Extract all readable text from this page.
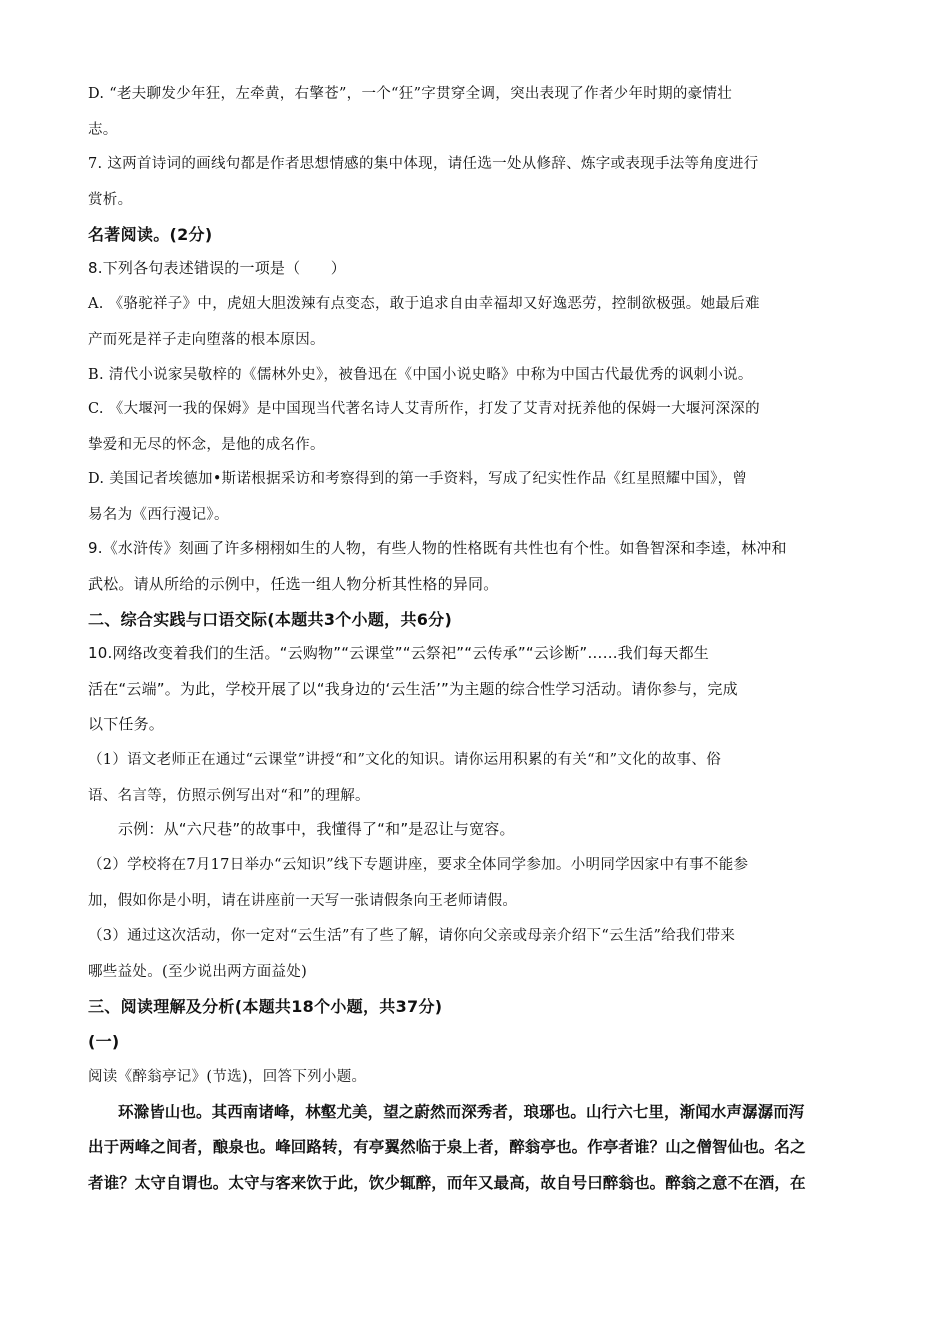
D. “老夫聊发少年狂，左牵黄，右擎苍”，一个“狂”字贯穿全调，突出表现了作者少年时期的豪情壮
志。
7. 这两首诗词的画线句都是作者思想情感的集中体现，请任选一处从修辞、炼字或表现手法等角度进行
赏析。
名著阅读。(2分)
8.下列各句表述错误的一项是（　　）
A. 《骆驼祥子》中，虎妞大胆泼辣有点变态，敢于追求自由幸福却又好逸恶劳，控制欲极强。她最后难
产而死是祥子走向堕落的根本原因。
B. 清代小说家吴敬梓的《儒林外史》，被鲁迅在《中国小说史略》中称为中国古代最优秀的讽刺小说。
C. 《大堰河一我的保姆》是中国现当代著名诗人艾青所作，打发了艾青对抚养他的保姆一大堰河深深的
挚爱和无尽的怀念，是他的成名作。
D. 美国记者埃德加•斯诺根据采访和考察得到的第一手资料，写成了纪实性作品《红星照耀中国》，曾
易名为《西行漫记》。
9.《水浒传》刻画了许多栩栩如生的人物，有些人物的性格既有共性也有个性。如鲁智深和李逵，林冲和
武松。请从所给的示例中，任选一组人物分析其性格的异同。
二、综合实践与口语交际(本题共3个小题，共6分)
10.网络改变着我们的生活。“云购物”“云课堂”“云祭祀”“云传承”“云诊断”……我们每天都生
活在“云端”。为此，学校开展了以“我身边的‘云生活’”为主题的综合性学习活动。请你参与，完成
以下任务。
（1）语文老师正在通过“云课堂”讲授“和”文化的知识。请你运用积累的有关“和”文化的故事、俗
语、名言等，仿照示例写出对“和”的理解。
示例：从“六尺巷”的故事中，我懂得了“和”是忍让与宽容。
（2）学校将在7月17日举办“云知识”线下专题讲座，要求全体同学参加。小明同学因家中有事不能参
加，假如你是小明，请在讲座前一天写一张请假条向王老师请假。
（3）通过这次活动，你一定对“云生活”有了些了解，请你向父亲或母亲介绍下“云生活”给我们带来
哪些益处。(至少说出两方面益处)
三、阅读理解及分析(本题共18个小题，共37分)
(一)
阅读《醉翁亭记》(节选)，回答下列小题。
环滁皆山也。其西南诸峰，林壑尤美，望之蔚然而深秀者，琅琊也。山行六七里，渐闻水声潺潺而泻
出于两峰之间者，酿泉也。峰回路转，有亭翼然临于泉上者，醉翁亭也。作亭者谁？山之僧智仙也。名之
者谁？太守自谓也。太守与客来饮于此，饮少辄醉，而年又最高，故自号曰醉翁也。醉翁之意不在酒，在
